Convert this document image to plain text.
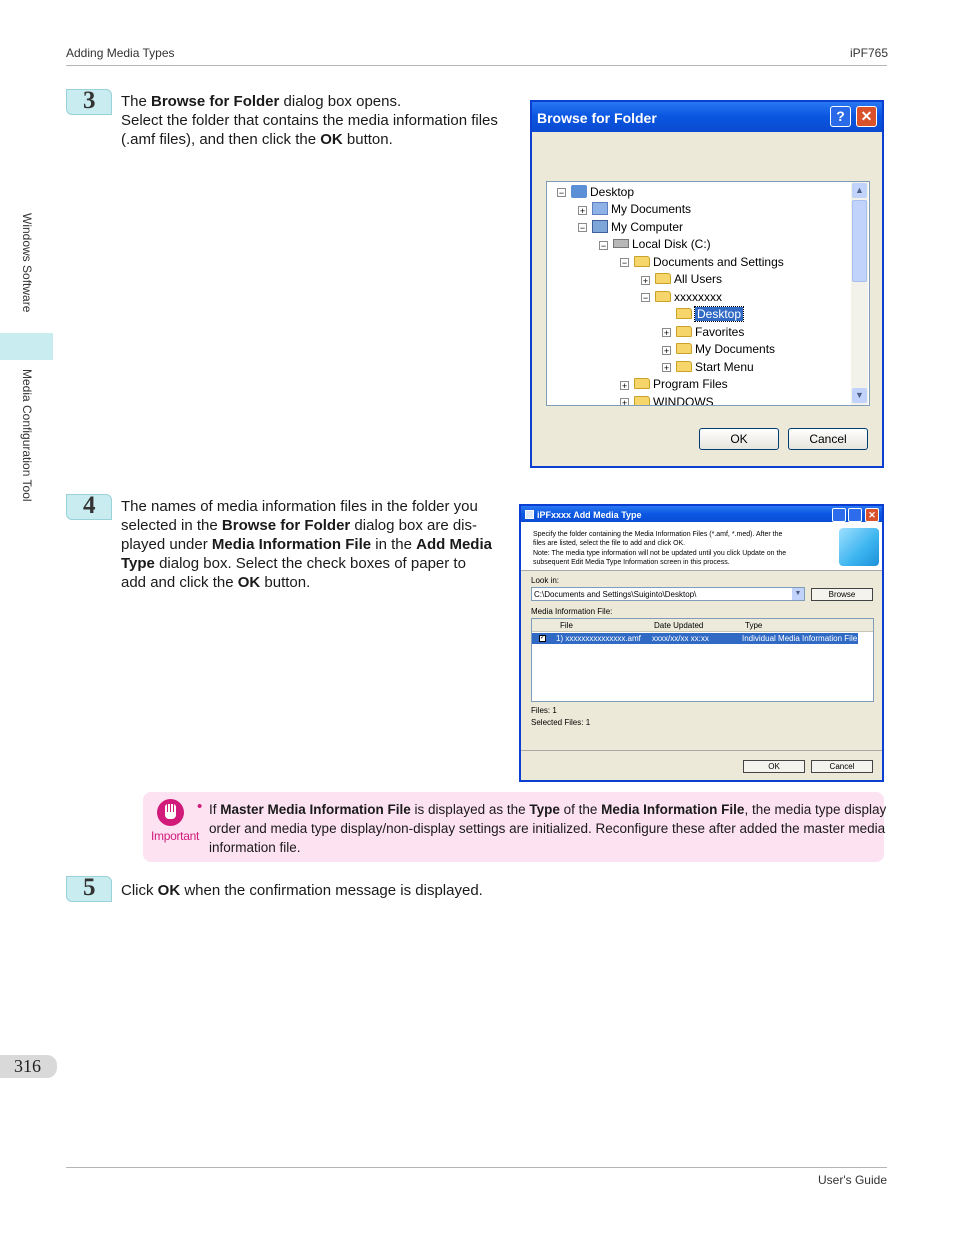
Adding Media Types	iPF765
Windows Software
Media Configuration Tool
3 The Browse for Folder dialog box opens.
Select the folder that contains the media information files
(.amf files), and then click the OK button.
Browse for Folder	?	✕
−	Desktop
+	My Documents
−	My Computer
−	Local Disk (C:)
−	Documents and Settings
+	All Users
−	xxxxxxxx
Desktop
+	Favorites
+	My Documents
+	Start Menu
+	Program Files
+	WINDOWS
▲
▼
OK	Cancel
4 The names of media information files in the folder you
selected in the Browse for Folder dialog box are dis-
played under Media Information File in the Add Media
Type dialog box. Select the check boxes of paper to
add and click the OK button.
iPFxxxx Add Media Type	✕
Specify the folder containing the Media Information Files (*.amf, *.med). After the
files are listed, select the file to add and click OK.
Note: The media type information will not be updated until you click Update on the
subsequent Edit Media Type Information screen in this process.
Look in:
C:\Documents and Settings\Suiginto\Desktop\	▼	Browse
Media Information File:
File	Date Updated	Type
✓ 1) xxxxxxxxxxxxxxx.amf xxxx/xx/xx xx:xx	Individual Media Information File
Files: 1
Selected Files: 1
OK	Cancel
Important
• If Master Media Information File is displayed as the Type of the Media Information File, the media type display
order and media type display/non-display settings are initialized. Reconfigure these after added the master media
information file.
5 Click OK when the confirmation message is displayed.
316
User's Guide
